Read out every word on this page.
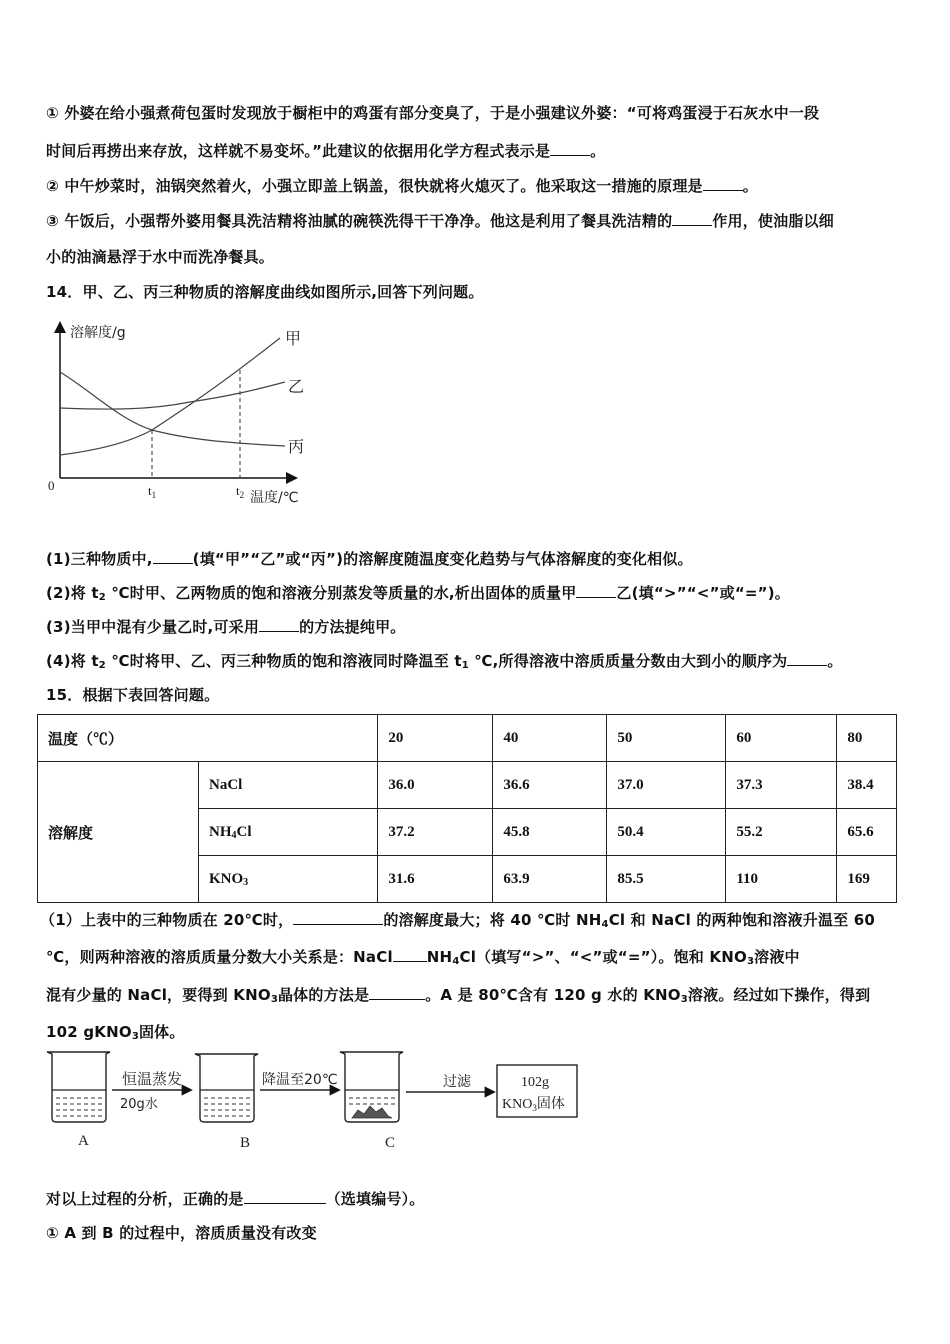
① 外婆在给小强煮荷包蛋时发现放于橱柜中的鸡蛋有部分变臭了，于是小强建议外婆：“可将鸡蛋浸于石灰水中一段
时间后再捞出来存放，这样就不易变坏。”此建议的依据用化学方程式表示是	。
② 中午炒菜时，油锅突然着火，小强立即盖上锅盖，很快就将火熄灭了。他采取这一措施的原理是	。
③ 午饭后，小强帮外婆用餐具洗洁精将油腻的碗筷洗得干干净净。他这是利用了餐具洗洁精的	作用，使油脂以细
小的油滴悬浮于水中而洗净餐具。
14．甲、乙、丙三种物质的溶解度曲线如图所示,回答下列问题。
溶解度/g
温度/℃
0	$t_1$	$t_2$
甲
乙
丙
(1)三种物质中,	(填“甲”“乙”或“丙”)的溶解度随温度变化趋势与气体溶解度的变化相似。
(2)将 $t_2$ ℃时甲、乙两物质的饱和溶液分别蒸发等质量的水,析出固体的质量甲	乙(填“>”“<”或“=”)。
(3)当甲中混有少量乙时,可采用	的方法提纯甲。
(4)将 $t_2$ ℃时将甲、乙、丙三种物质的饱和溶液同时降温至 $t_1$ ℃,所得溶液中溶质质量分数由大到小的顺序为	。
15．根据下表回答问题。
温度（℃）		20	40	50	60	80
溶解度	NaCl	36.0	36.6	37.0	37.3	38.4
	$NH_4Cl$	37.2	45.8	50.4	55.2	65.6
	$KNO_3$	31.6	63.9	85.5	110	169
（1）上表中的三种物质在 20℃时，	的溶解度最大；将 40 ℃时 $NH_4Cl$ 和 NaCl 的两种饱和溶液升温至 60
℃，则两种溶液的溶质质量分数大小关系是：NaCl $NH_4Cl$（填写“>”、“<”或“=”）。饱和 $KNO_3$溶液中
混有少量的 NaCl，要得到 $KNO_3$晶体的方法是	。A 是 80℃含有 120 g 水的 $KNO_3$溶液。经过如下操作，得到
102 gKNO$_3$固体。
A
恒温蒸发
20g水
B
降温至20℃
C
过滤	102g
$KNO_3$固体
对以上过程的分析，正确的是	（选填编号）。
① A 到 B 的过程中，溶质质量没有改变
